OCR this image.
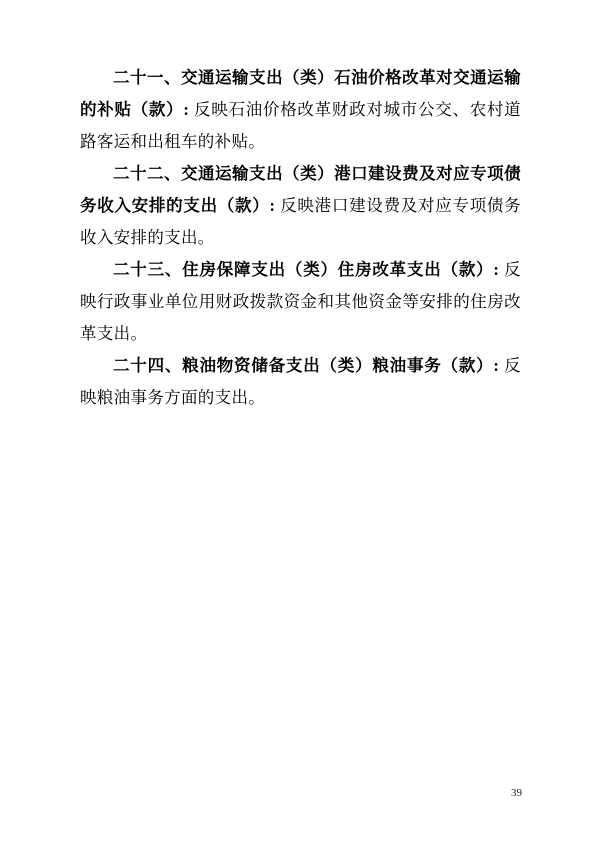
二十一、交通运输支出（类）石油价格改革对交通运输的补贴（款）: 反映石油价格改革财政对城市公交、农村道路客运和出租车的补贴。

二十二、交通运输支出（类）港口建设费及对应专项债务收入安排的支出（款）: 反映港口建设费及对应专项债务收入安排的支出。

二十三、住房保障支出（类）住房改革支出（款）: 反映行政事业单位用财政拨款资金和其他资金等安排的住房改革支出。

二十四、粮油物资储备支出（类）粮油事务（款）: 反映粮油事务方面的支出。

39
